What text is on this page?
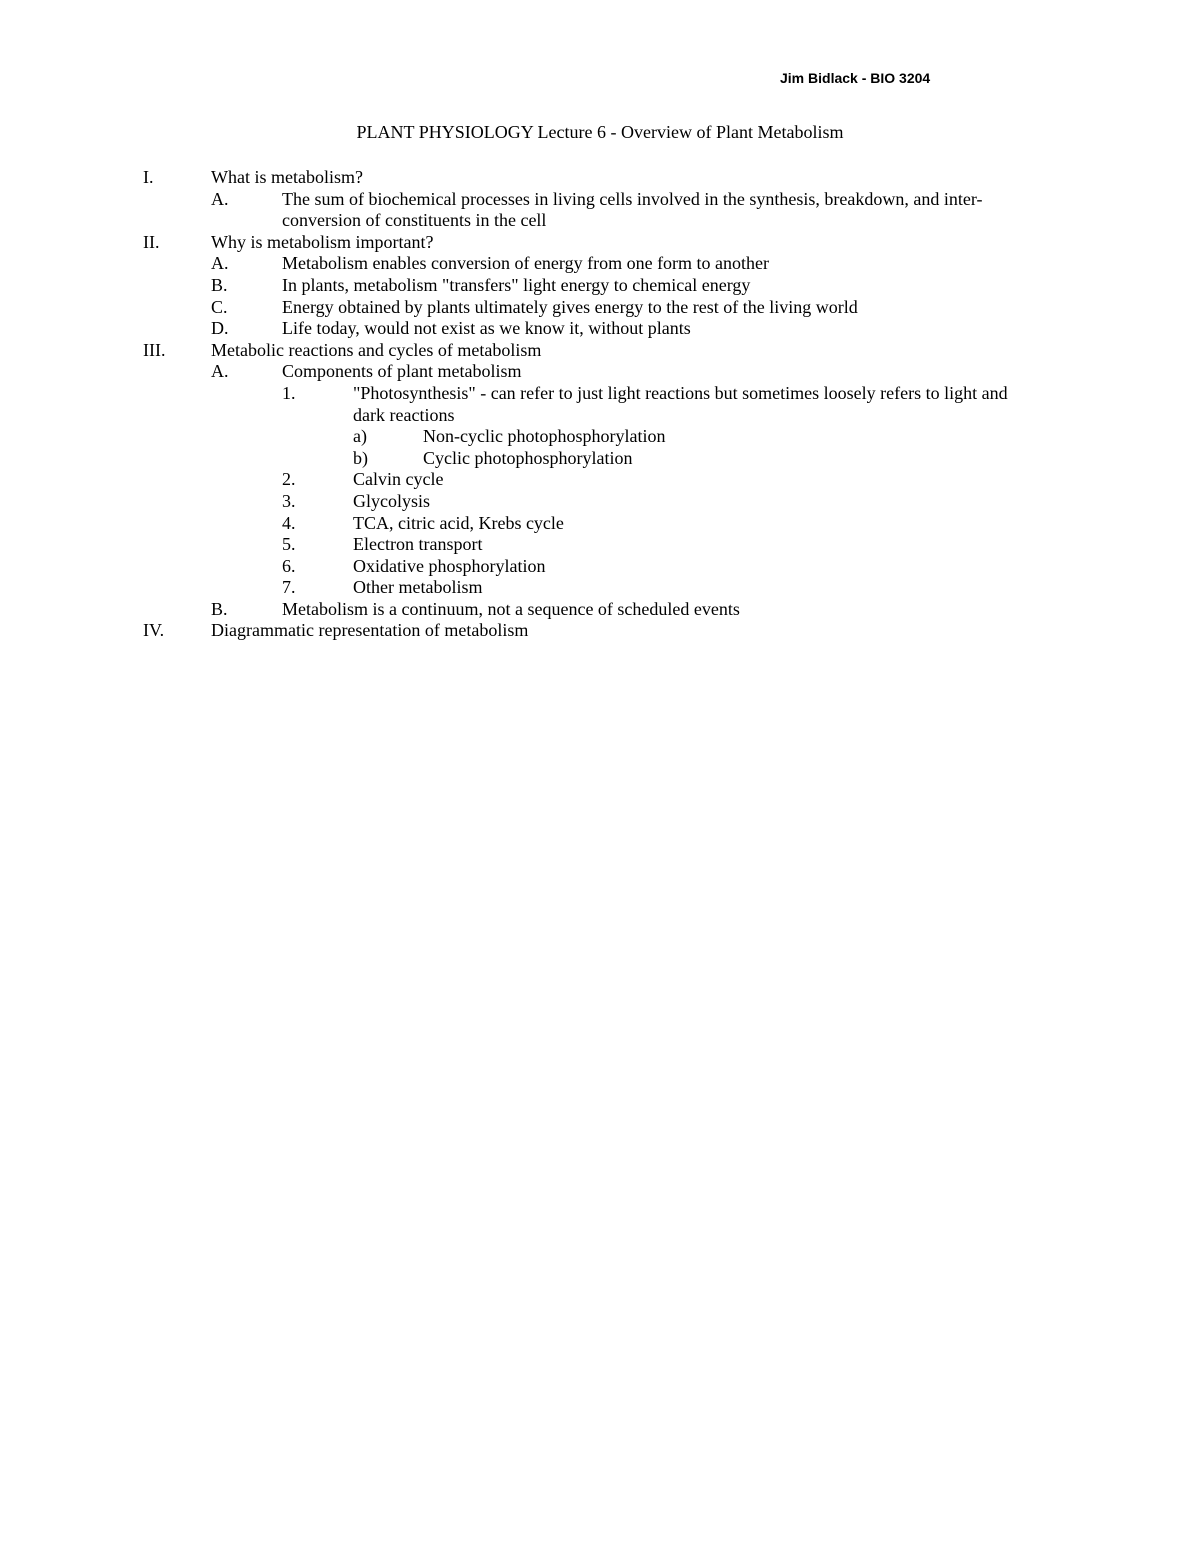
Jim Bidlack - BIO 3204
PLANT PHYSIOLOGY Lecture 6 - Overview of Plant Metabolism
I.	What is metabolism?
A.	The sum of biochemical processes in living cells involved in the synthesis, breakdown, and inter-conversion of constituents in the cell
II.	Why is metabolism important?
A.	Metabolism enables conversion of energy from one form to another
B.	In plants, metabolism "transfers" light energy to chemical energy
C.	Energy obtained by plants ultimately gives energy to the rest of the living world
D.	Life today, would not exist as we know it, without plants
III.	Metabolic reactions and cycles of metabolism
A.	Components of plant metabolism
1.	"Photosynthesis" - can refer to just light reactions but sometimes loosely refers to light and dark reactions
a)	Non-cyclic photophosphorylation
b)	Cyclic photophosphorylation
2.	Calvin cycle
3.	Glycolysis
4.	TCA, citric acid, Krebs cycle
5.	Electron transport
6.	Oxidative phosphorylation
7.	Other metabolism
B.	Metabolism is a continuum, not a sequence of scheduled events
IV.	Diagrammatic representation of metabolism
